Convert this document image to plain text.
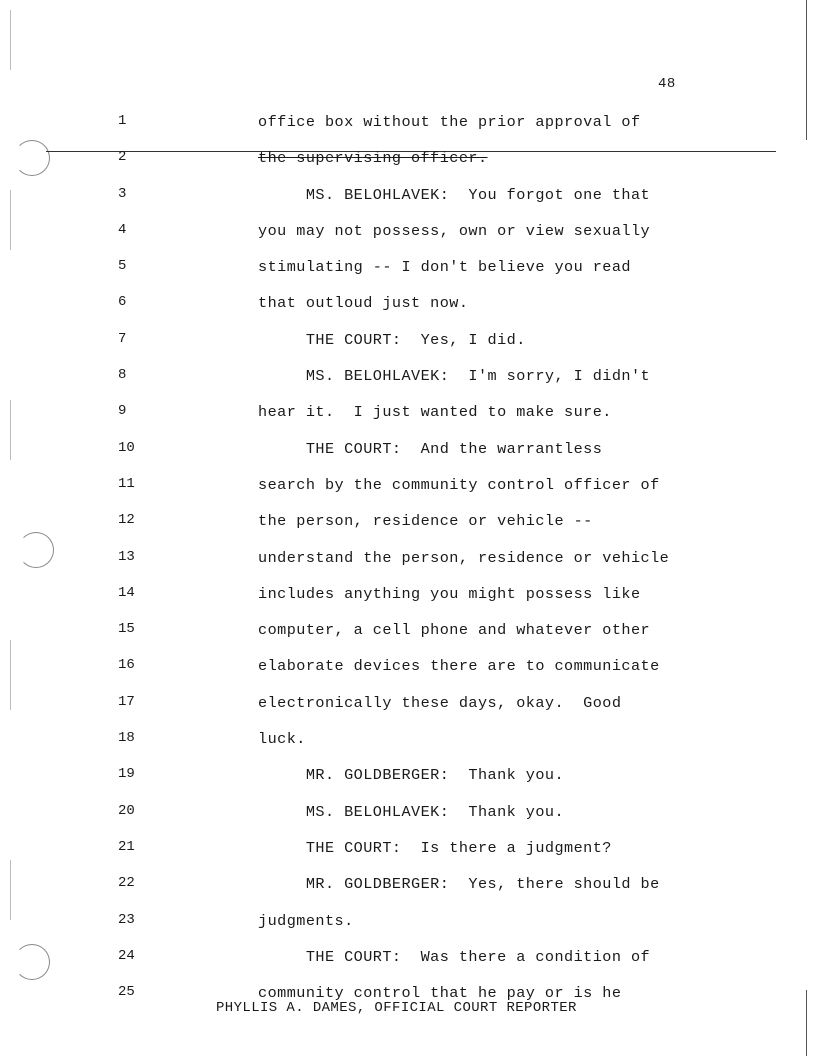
48
1	office box without the prior approval of
2	the supervising officer.
3	MS. BELOHLAVEK:  You forgot one that
4	you may not possess, own or view sexually
5	stimulating -- I don't believe you read
6	that outloud just now.
7	THE COURT:  Yes, I did.
8	MS. BELOHLAVEK:  I'm sorry, I didn't
9	hear it.  I just wanted to make sure.
10	THE COURT:  And the warrantless
11	search by the community control officer of
12	the person, residence or vehicle --
13	understand the person, residence or vehicle
14	includes anything you might possess like
15	computer, a cell phone and whatever other
16	elaborate devices there are to communicate
17	electronically these days, okay.  Good
18	luck.
19	MR. GOLDBERGER:  Thank you.
20	MS. BELOHLAVEK:  Thank you.
21	THE COURT:  Is there a judgment?
22	MR. GOLDBERGER:  Yes, there should be
23	judgments.
24	THE COURT:  Was there a condition of
25	community control that he pay or is he
PHYLLIS A. DAMES, OFFICIAL COURT REPORTER
